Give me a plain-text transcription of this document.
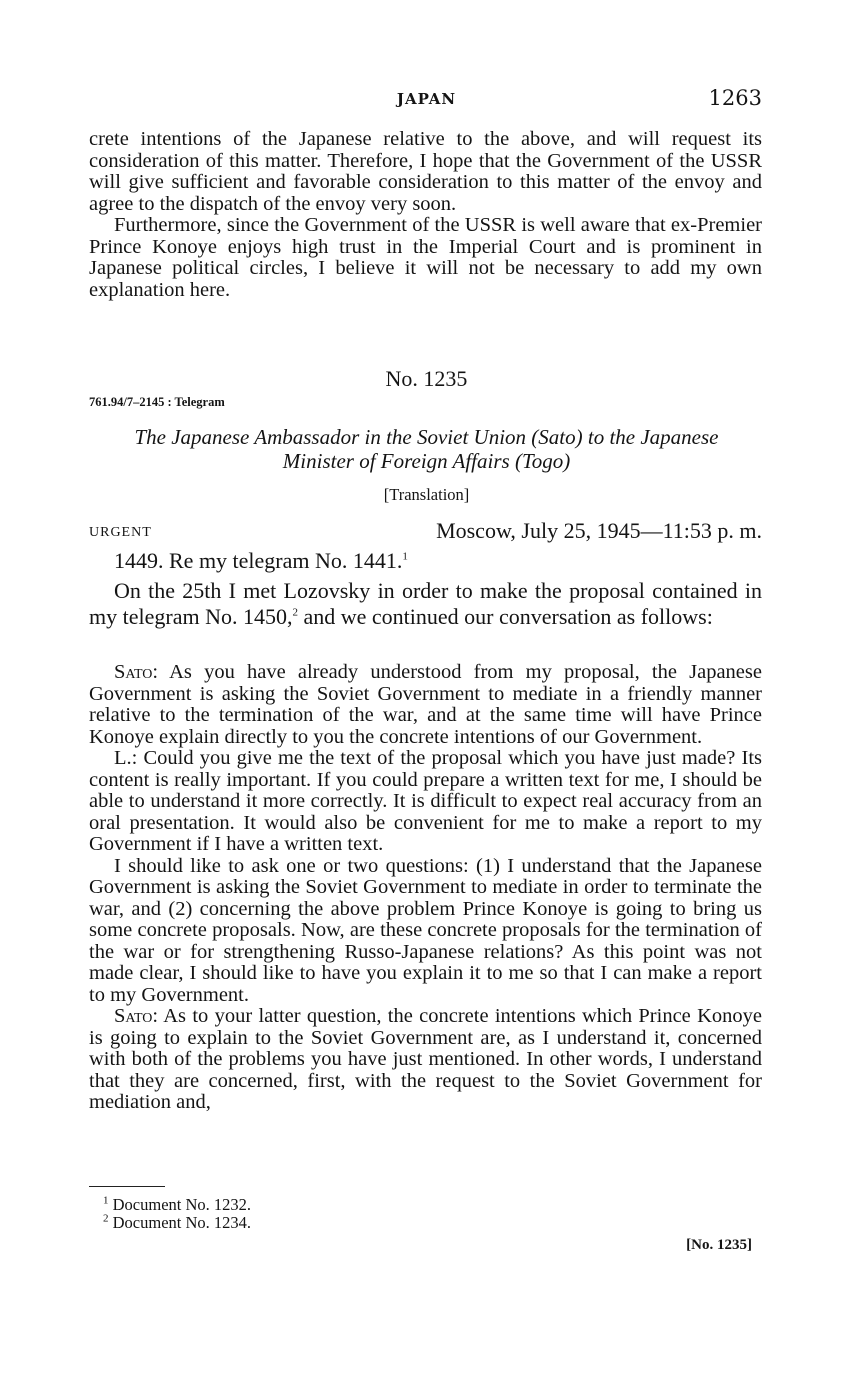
JAPAN	1263

crete intentions of the Japanese relative to the above, and will request its consideration of this matter. Therefore, I hope that the Government of the USSR will give sufficient and favorable consideration to this matter of the envoy and agree to the dispatch of the envoy very soon.

Furthermore, since the Government of the USSR is well aware that ex-Premier Prince Konoye enjoys high trust in the Imperial Court and is prominent in Japanese political circles, I believe it will not be necessary to add my own explanation here.

No. 1235
761.94/7–2145 : Telegram
The Japanese Ambassador in the Soviet Union (Sato) to the Japanese
Minister of Foreign Affairs (Togo)
[Translation]
URGENT	Moscow, July 25, 1945—11:53 p. m.

1449. Re my telegram No. 1441.$^1$

On the 25th I met Lozovsky in order to make the proposal contained in my telegram No. 1450,$^2$ and we continued our conversation as follows:

Sato: As you have already understood from my proposal, the Japanese Government is asking the Soviet Government to mediate in a friendly manner relative to the termination of the war, and at the same time will have Prince Konoye explain directly to you the concrete intentions of our Government.

L.: Could you give me the text of the proposal which you have just made? Its content is really important. If you could prepare a written text for me, I should be able to understand it more correctly. It is difficult to expect real accuracy from an oral presentation. It would also be convenient for me to make a report to my Government if I have a written text.

I should like to ask one or two questions: (1) I understand that the Japanese Government is asking the Soviet Government to mediate in order to terminate the war, and (2) concerning the above problem Prince Konoye is going to bring us some concrete proposals. Now, are these concrete proposals for the termination of the war or for strengthening Russo-Japanese relations? As this point was not made clear, I should like to have you explain it to me so that I can make a report to my Government.

Sato: As to your latter question, the concrete intentions which Prince Konoye is going to explain to the Soviet Government are, as I understand it, concerned with both of the problems you have just mentioned. In other words, I understand that they are concerned, first, with the request to the Soviet Government for mediation and,

$^1$ Document No. 1232.
$^2$ Document No. 1234.
[No. 1235]
